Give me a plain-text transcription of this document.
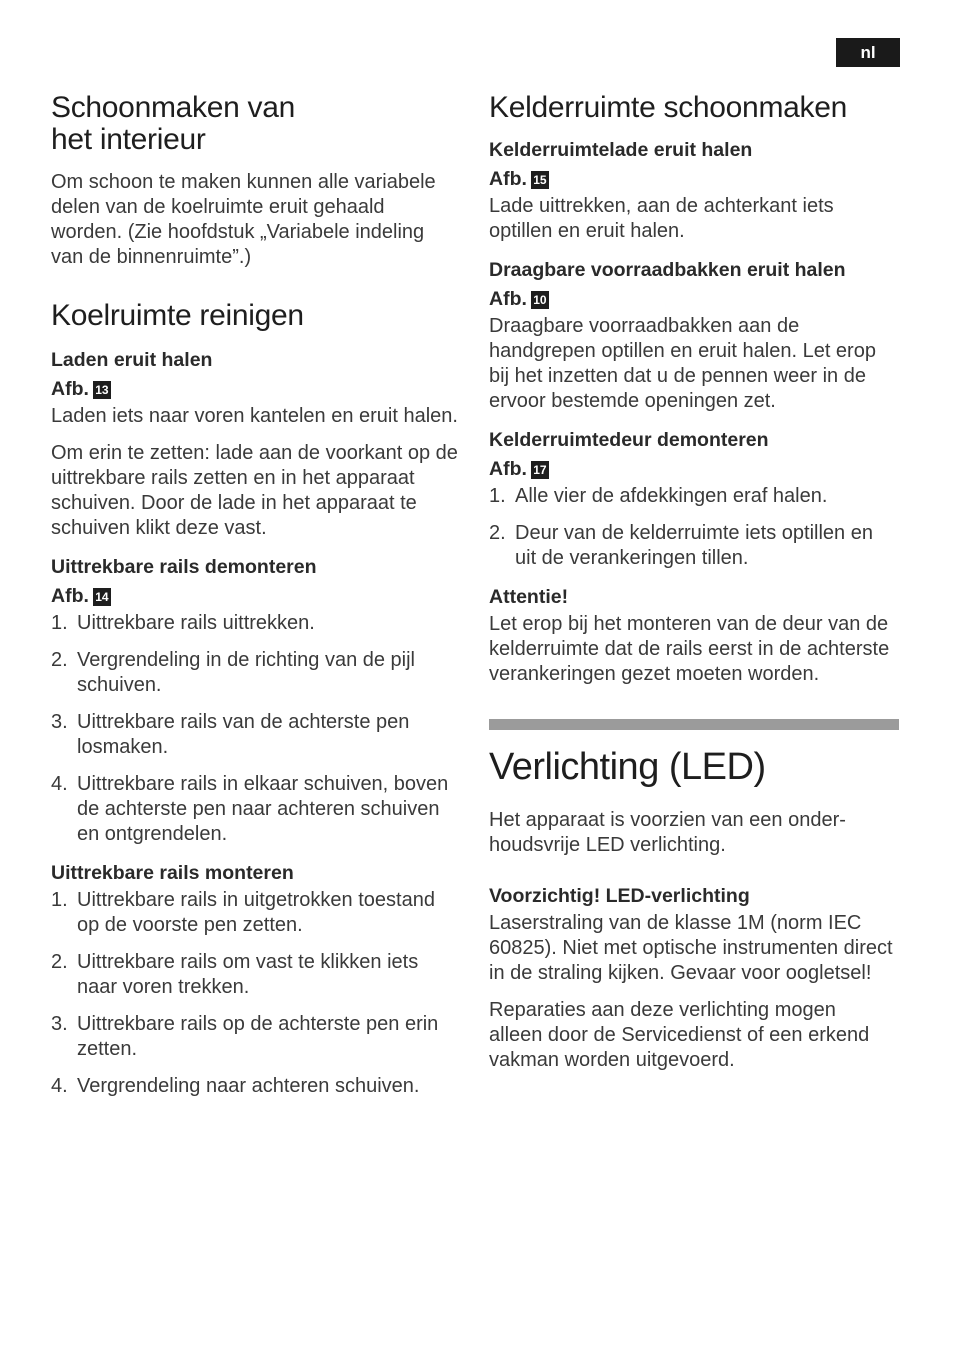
nl
Schoonmaken van
het interieur

Om schoon te maken kunnen alle variabele delen van de koelruimte eruit gehaald worden. (Zie hoofdstuk „Variabele indeling van de binnenruimte”.)

Koelruimte reinigen
Laden eruit halen
Afb. 13

Laden iets naar voren kantelen en eruit halen.

Om erin te zetten: lade aan de voorkant op de uittrekbare rails zetten en in het apparaat schuiven. Door de lade in het apparaat te schuiven klikt deze vast.

Uittrekbare rails demonteren
Afb. 14
1. Uittrekbare rails uittrekken.
2. Vergrendeling in de richting van de pijl schuiven.
3. Uittrekbare rails van de achterste pen losmaken.
4. Uittrekbare rails in elkaar schuiven, boven de achterste pen naar achteren schuiven en ontgrendelen.
Uittrekbare rails monteren
1. Uittrekbare rails in uitgetrokken toestand op de voorste pen zetten.
2. Uittrekbare rails om vast te klikken iets naar voren trekken.
3. Uittrekbare rails op de achterste pen erin zetten.
4. Vergrendeling naar achteren schuiven.
Kelderruimte schoonmaken
Kelderruimtelade eruit halen
Afb. 15

Lade uittrekken, aan de achterkant iets optillen en eruit halen.

Draagbare voorraadbakken eruit halen
Afb. 10

Draagbare voorraadbakken aan de handgrepen optillen en eruit halen. Let erop bij het inzetten dat u de pennen weer in de ervoor bestemde openingen zet.

Kelderruimtedeur demonteren
Afb. 17
1. Alle vier de afdekkingen eraf halen.
2. Deur van de kelderruimte iets optillen en uit de verankeringen tillen.
Attentie!

Let erop bij het monteren van de deur van de kelderruimte dat de rails eerst in de achterste verankeringen gezet moeten worden.

Verlichting (LED)

Het apparaat is voorzien van een onder-houdsvrije LED verlichting.

Voorzichtig! LED-verlichting

Laserstraling van de klasse 1M (norm IEC 60825). Niet met optische instrumenten direct in de straling kijken. Gevaar voor oogletsel!

Reparaties aan deze verlichting mogen alleen door de Servicedienst of een erkend vakman worden uitgevoerd.
